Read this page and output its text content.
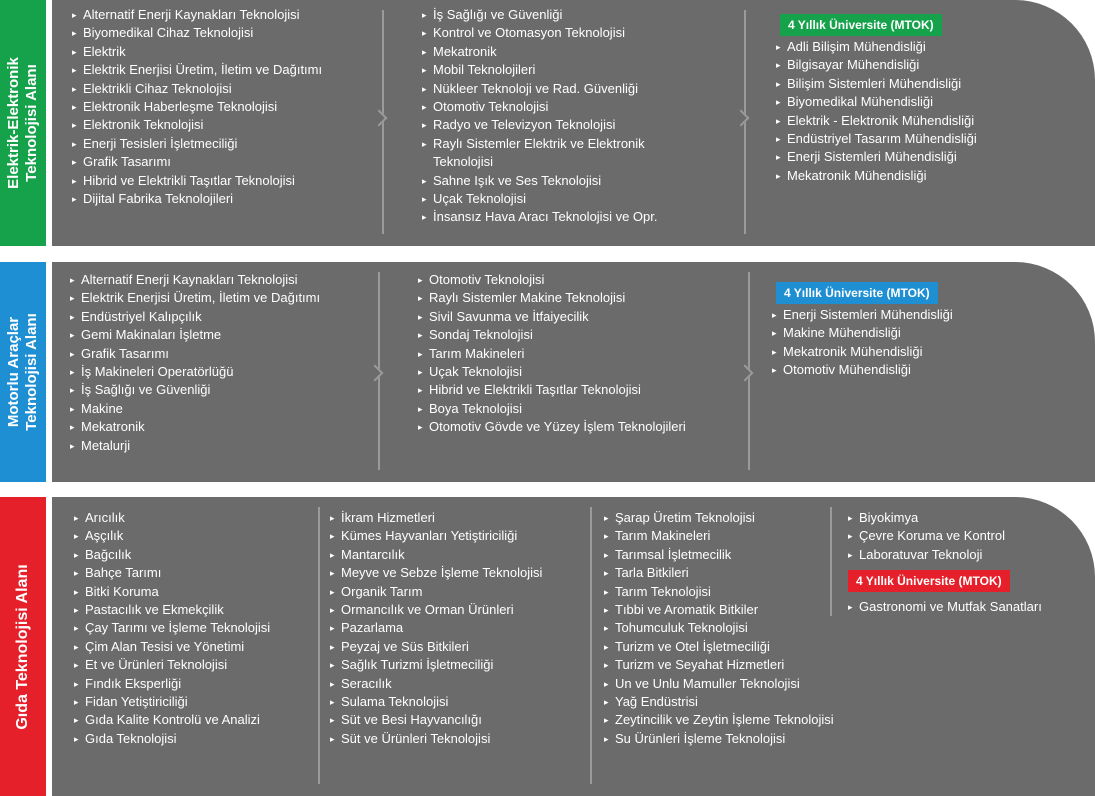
Elektrik-Elektronik Teknolojisi Alanı
▸ Alternatif Enerji Kaynakları Teknolojisi
▸ Biyomedikal Cihaz Teknolojisi
▸ Elektrik
▸ Elektrik Enerjisi Üretim, İletim ve Dağıtımı
▸ Elektrikli Cihaz Teknolojisi
▸ Elektronik Haberleşme Teknolojisi
▸ Elektronik Teknolojisi
▸ Enerji Tesisleri İşletmeciliği
▸ Grafik Tasarımı
▸ Hibrid ve Elektrikli Taşıtlar Teknolojisi
▸ Dijital Fabrika Teknolojileri
▸ İş Sağlığı ve Güvenliği
▸ Kontrol ve Otomasyon Teknolojisi
▸ Mekatronik
▸ Mobil Teknolojileri
▸ Nükleer Teknoloji ve Rad. Güvenliği
▸ Otomotiv Teknolojisi
▸ Radyo ve Televizyon Teknolojisi
▸ Raylı Sistemler Elektrik ve Elektronik Teknolojisi
▸ Sahne Işık ve Ses Teknolojisi
▸ Uçak Teknolojisi
▸ İnsansız Hava Aracı Teknolojisi ve Opr.
4 Yıllık Üniversite (MTOK)
▸ Adli Bilişim Mühendisliği
▸ Bilgisayar Mühendisliği
▸ Bilişim Sistemleri Mühendisliği
▸ Biyomedikal Mühendisliği
▸ Elektrik - Elektronik Mühendisliği
▸ Endüstriyel Tasarım Mühendisliği
▸ Enerji Sistemleri Mühendisliği
▸ Mekatronik Mühendisliği
Motorlu Araçlar Teknolojisi Alanı
▸ Alternatif Enerji Kaynakları Teknolojisi
▸ Elektrik Enerjisi Üretim, İletim ve Dağıtımı
▸ Endüstriyel Kalıpçılık
▸ Gemi Makinaları İşletme
▸ Grafik Tasarımı
▸ İş Makineleri Operatörlüğü
▸ İş Sağlığı ve Güvenliği
▸ Makine
▸ Mekatronik
▸ Metalurji
▸ Otomotiv Teknolojisi
▸ Raylı Sistemler Makine Teknolojisi
▸ Sivil Savunma ve İtfaiyecilik
▸ Sondaj Teknolojisi
▸ Tarım Makineleri
▸ Uçak Teknolojisi
▸ Hibrid ve Elektrikli Taşıtlar Teknolojisi
▸ Boya Teknolojisi
▸ Otomotiv Gövde ve Yüzey İşlem Teknolojileri
4 Yıllık Üniversite (MTOK)
▸ Enerji Sistemleri Mühendisliği
▸ Makine Mühendisliği
▸ Mekatronik Mühendisliği
▸ Otomotiv Mühendisliği
Gıda Teknolojisi Alanı
▸ Arıcılık
▸ Aşçılık
▸ Bağcılık
▸ Bahçe Tarımı
▸ Bitki Koruma
▸ Pastacılık ve Ekmekçilik
▸ Çay Tarımı ve İşleme Teknolojisi
▸ Çim Alan Tesisi ve Yönetimi
▸ Et ve Ürünleri Teknolojisi
▸ Fındık Eksperliği
▸ Fidan Yetiştiriciliği
▸ Gıda Kalite Kontrolü ve Analizi
▸ Gıda Teknolojisi
▸ İkram Hizmetleri
▸ Kümes Hayvanları Yetiştiriciliği
▸ Mantarcılık
▸ Meyve ve Sebze İşleme Teknolojisi
▸ Organik Tarım
▸ Ormancılık ve Orman Ürünleri
▸ Pazarlama
▸ Peyzaj ve Süs Bitkileri
▸ Sağlık Turizmi İşletmeciliği
▸ Seracılık
▸ Sulama Teknolojisi
▸ Süt ve Besi Hayvancılığı
▸ Süt ve Ürünleri Teknolojisi
▸ Şarap Üretim Teknolojisi
▸ Tarım Makineleri
▸ Tarımsal İşletmecilik
▸ Tarla Bitkileri
▸ Tarım Teknolojisi
▸ Tıbbi ve Aromatik Bitkiler
▸ Tohumculuk Teknolojisi
▸ Turizm ve Otel İşletmeciliği
▸ Turizm ve Seyahat Hizmetleri
▸ Un ve Unlu Mamuller Teknolojisi
▸ Yağ Endüstrisi
▸ Zeytincilik ve Zeytin İşleme Teknolojisi
▸ Su Ürünleri İşleme Teknolojisi
▸ Biyokimya
▸ Çevre Koruma ve Kontrol
▸ Laboratuvar Teknoloji
4 Yıllık Üniversite (MTOK)
▸ Gastronomi ve Mutfak Sanatları
